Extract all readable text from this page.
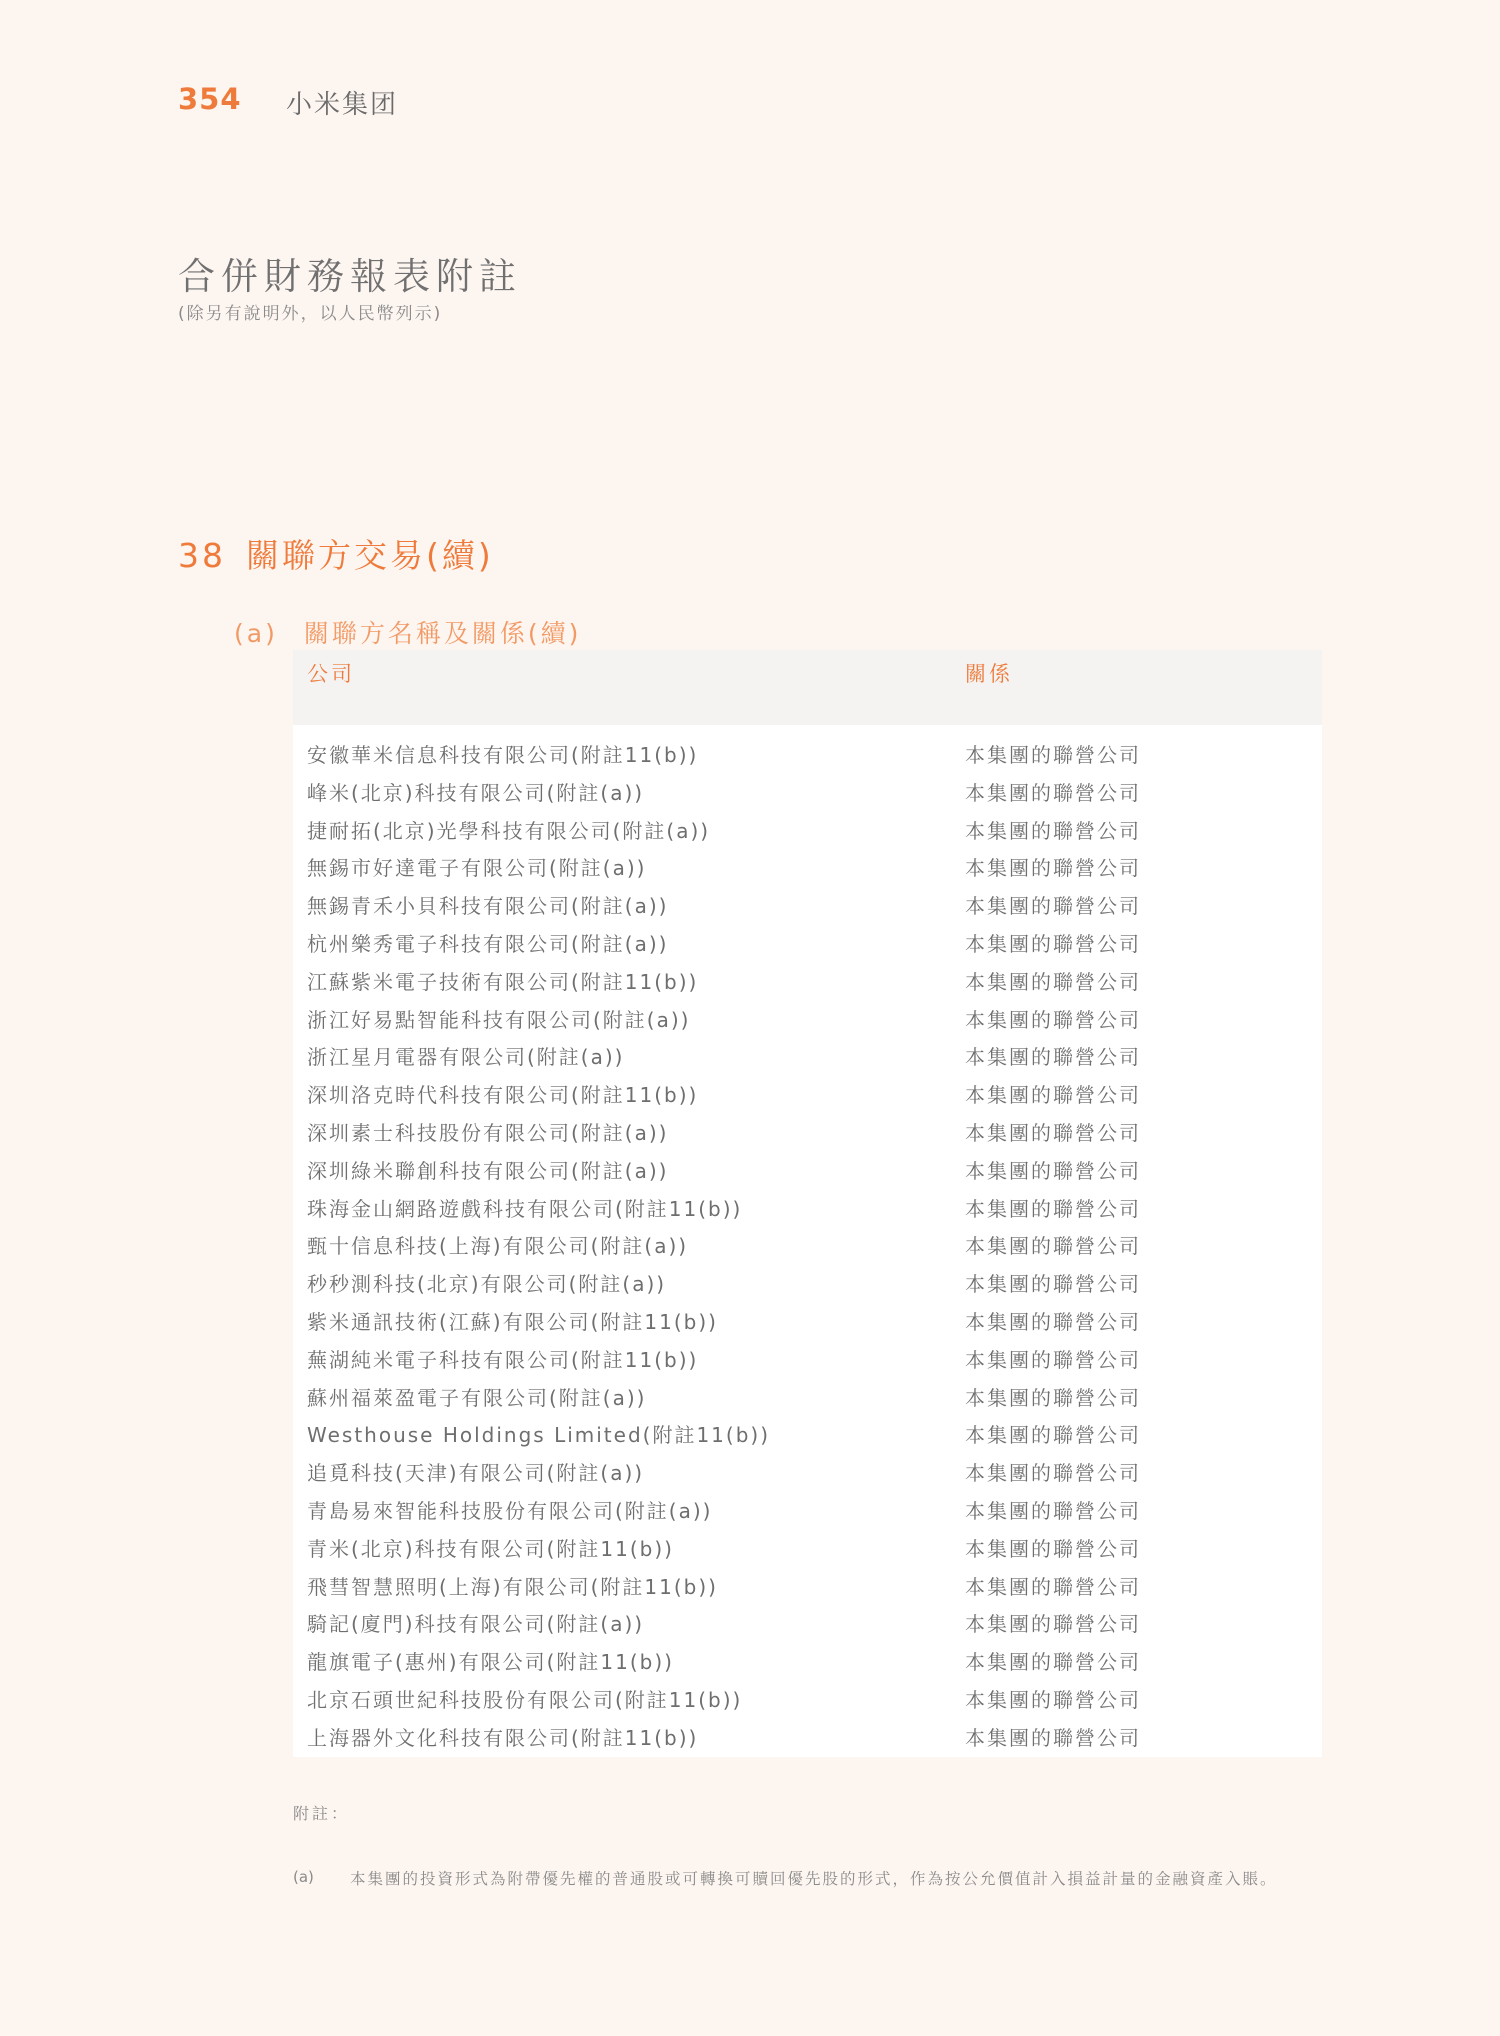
354 小米集团
合併財務報表附註
(除另有說明外，以人民幣列示)
38 關聯方交易(續)
(a) 關聯方名稱及關係(續)
公司	關係
安徽華米信息科技有限公司(附註11(b))	本集團的聯營公司
峰米(北京)科技有限公司(附註(a))	本集團的聯營公司
捷耐拓(北京)光學科技有限公司(附註(a))	本集團的聯營公司
無錫市好達電子有限公司(附註(a))	本集團的聯營公司
無錫青禾小貝科技有限公司(附註(a))	本集團的聯營公司
杭州樂秀電子科技有限公司(附註(a))	本集團的聯營公司
江蘇紫米電子技術有限公司(附註11(b))	本集團的聯營公司
浙江好易點智能科技有限公司(附註(a))	本集團的聯營公司
浙江星月電器有限公司(附註(a))	本集團的聯營公司
深圳洛克時代科技有限公司(附註11(b))	本集團的聯營公司
深圳素士科技股份有限公司(附註(a))	本集團的聯營公司
深圳綠米聯創科技有限公司(附註(a))	本集團的聯營公司
珠海金山網路遊戲科技有限公司(附註11(b))	本集團的聯營公司
甄十信息科技(上海)有限公司(附註(a))	本集團的聯營公司
秒秒測科技(北京)有限公司(附註(a))	本集團的聯營公司
紫米通訊技術(江蘇)有限公司(附註11(b))	本集團的聯營公司
蕪湖純米電子科技有限公司(附註11(b))	本集團的聯營公司
蘇州福萊盈電子有限公司(附註(a))	本集團的聯營公司
Westhouse Holdings Limited(附註11(b))	本集團的聯營公司
追覓科技(天津)有限公司(附註(a))	本集團的聯營公司
青島易來智能科技股份有限公司(附註(a))	本集團的聯營公司
青米(北京)科技有限公司(附註11(b))	本集團的聯營公司
飛彗智慧照明(上海)有限公司(附註11(b))	本集團的聯營公司
騎記(廈門)科技有限公司(附註(a))	本集團的聯營公司
龍旗電子(惠州)有限公司(附註11(b))	本集團的聯營公司
北京石頭世紀科技股份有限公司(附註11(b))	本集團的聯營公司
上海器外文化科技有限公司(附註11(b))	本集團的聯營公司
附註：
(a) 本集團的投資形式為附帶優先權的普通股或可轉換可贖回優先股的形式，作為按公允價值計入損益計量的金融資產入賬。
